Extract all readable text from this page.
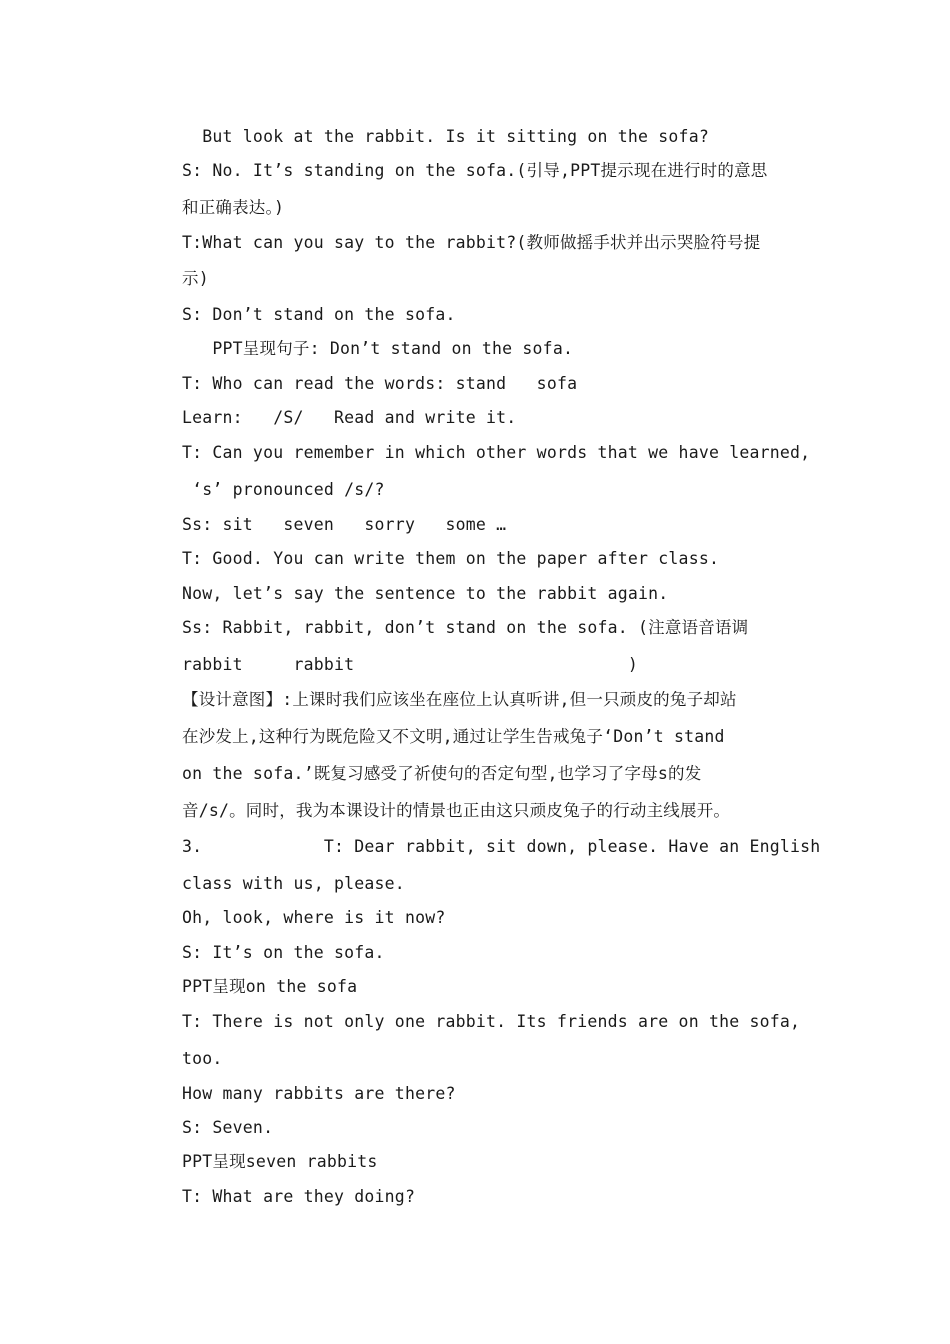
But look at the rabbit. Is it sitting on the sofa?
S: No. It’s standing on the sofa.(引导,PPT提示现在进行时的意思
和正确表达。)
T:What can you say to the rabbit?(教师做摇手状并出示哭脸符号提
示)
S: Don’t stand on the sofa.
PPT呈现句子: Don’t stand on the sofa.
T: Who can read the words: stand   sofa
Learn:   /S/   Read and write it.
T: Can you remember in which other words that we have learned,
‘s’ pronounced /s/?
Ss: sit   seven   sorry   some …
T: Good. You can write them on the paper after class.
Now, let’s say the sentence to the rabbit again.
Ss: Rabbit, rabbit, don’t stand on the sofa. (注意语音语调
rabbit     rabbit                           )
【设计意图】:上课时我们应该坐在座位上认真听讲,但一只顽皮的兔子却站
在沙发上,这种行为既危险又不文明,通过让学生告戒兔子‘Don’t stand
on the sofa.’既复习感受了祈使句的否定句型,也学习了字母s的发
音/s/。同时，我为本课设计的情景也正由这只顽皮兔子的行动主线展开。
3.            T: Dear rabbit, sit down, please. Have an English
class with us, please.
Oh, look, where is it now?
S: It’s on the sofa.
PPT呈现on the sofa
T: There is not only one rabbit. Its friends are on the sofa,
too.
How many rabbits are there?
S: Seven.
PPT呈现seven rabbits
T: What are they doing?
